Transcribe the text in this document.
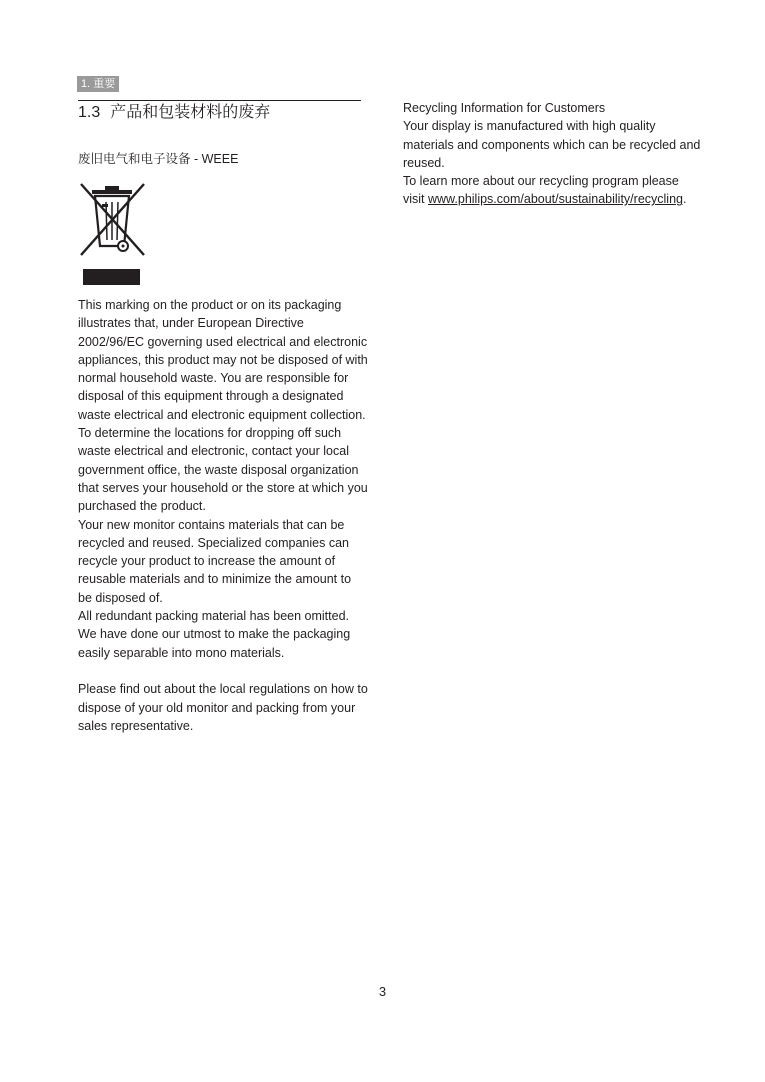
1. 重要
1.3 产品和包装材料的废弃
废旧电气和电子设备 - WEEE

This marking on the product or on its packaging illustrates that, under European Directive 2002/96/EC governing used electrical and electronic appliances, this product may not be disposed of with normal household waste. You are responsible for disposal of this equipment through a designated waste electrical and electronic equipment collection. To determine the locations for dropping off such waste electrical and electronic, contact your local government office, the waste disposal organization that serves your household or the store at which you purchased the product.

Your new monitor contains materials that can be recycled and reused. Specialized companies can recycle your product to increase the amount of reusable materials and to minimize the amount to be disposed of.

All redundant packing material has been omitted. We have done our utmost to make the packaging easily separable into mono materials.

Please find out about the local regulations on how to dispose of your old monitor and packing from your sales representative.

Recycling Information for Customers

Your display is manufactured with high quality materials and components which can be recycled and reused.

To learn more about our recycling program please visit www.philips.com/about/sustainability/recycling.

3
